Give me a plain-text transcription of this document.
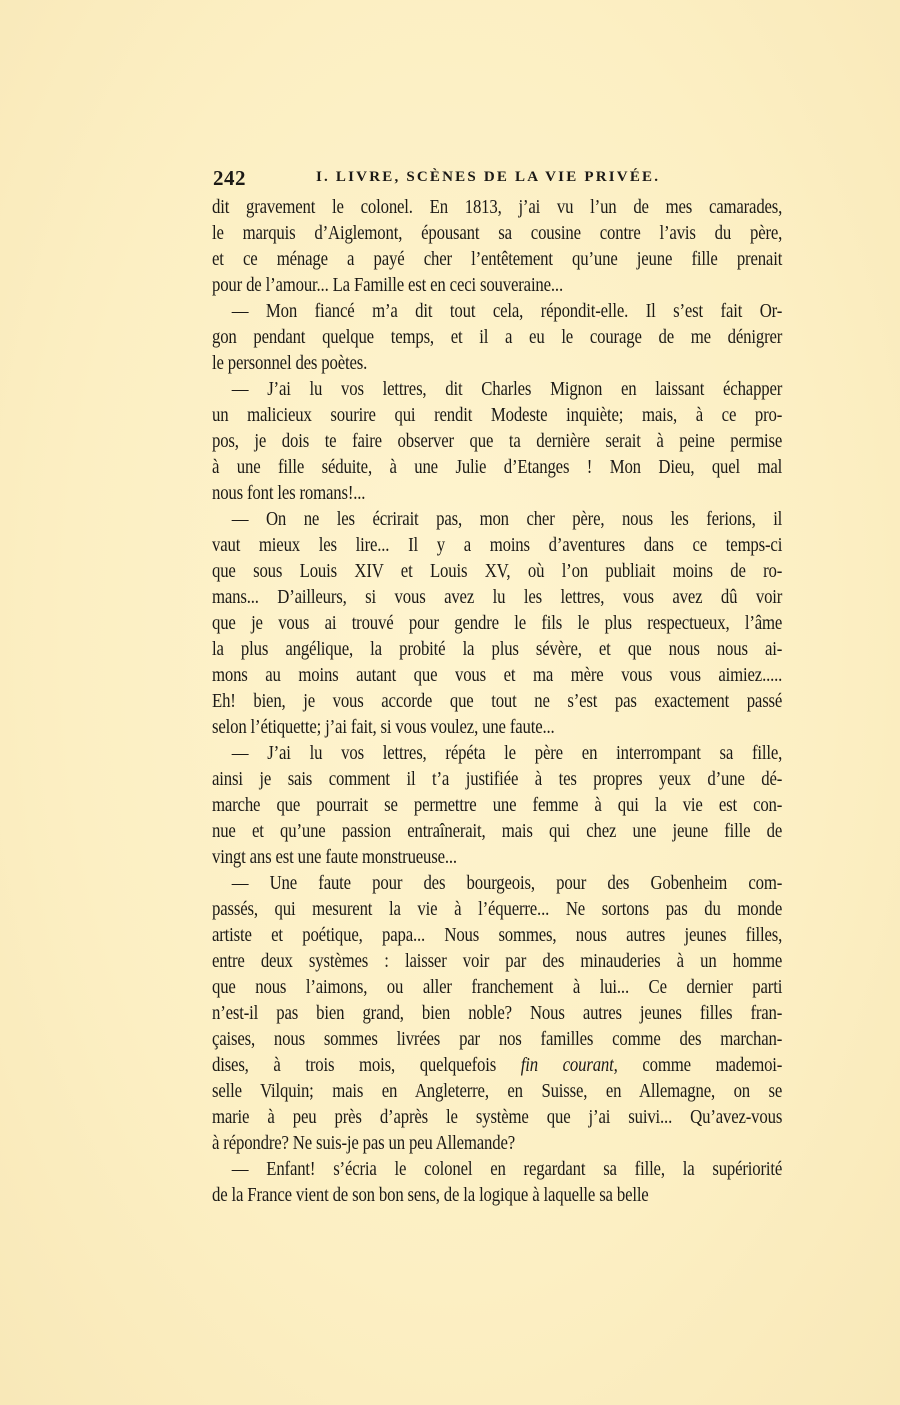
242	I. LIVRE, SCÈNES DE LA VIE PRIVÉE.
dit gravement le colonel. En 1813, j’ai vu l’un de mes camarades,
le marquis d’Aiglemont, épousant sa cousine contre l’avis du père,
et ce ménage a payé cher l’entêtement qu’une jeune fille prenait
pour de l’amour... La Famille est en ceci souveraine...
— Mon fiancé m’a dit tout cela, répondit-elle. Il s’est fait Or-
gon pendant quelque temps, et il a eu le courage de me dénigrer
le personnel des poètes.
— J’ai lu vos lettres, dit Charles Mignon en laissant échapper
un malicieux sourire qui rendit Modeste inquiète; mais, à ce pro-
pos, je dois te faire observer que ta dernière serait à peine permise
à une fille séduite, à une Julie d’Etanges ! Mon Dieu, quel mal
nous font les romans!...
— On ne les écrirait pas, mon cher père, nous les ferions, il
vaut mieux les lire... Il y a moins d’aventures dans ce temps-ci
que sous Louis XIV et Louis XV, où l’on publiait moins de ro-
mans... D’ailleurs, si vous avez lu les lettres, vous avez dû voir
que je vous ai trouvé pour gendre le fils le plus respectueux, l’âme
la plus angélique, la probité la plus sévère, et que nous nous ai-
mons au moins autant que vous et ma mère vous vous aimiez.....
Eh! bien, je vous accorde que tout ne s’est pas exactement passé
selon l’étiquette; j’ai fait, si vous voulez, une faute...
— J’ai lu vos lettres, répéta le père en interrompant sa fille,
ainsi je sais comment il t’a justifiée à tes propres yeux d’une dé-
marche que pourrait se permettre une femme à qui la vie est con-
nue et qu’une passion entraînerait, mais qui chez une jeune fille de
vingt ans est une faute monstrueuse...
— Une faute pour des bourgeois, pour des Gobenheim com-
passés, qui mesurent la vie à l’équerre... Ne sortons pas du monde
artiste et poétique, papa... Nous sommes, nous autres jeunes filles,
entre deux systèmes : laisser voir par des minauderies à un homme
que nous l’aimons, ou aller franchement à lui... Ce dernier parti
n’est-il pas bien grand, bien noble? Nous autres jeunes filles fran-
çaises, nous sommes livrées par nos familles comme des marchan-
dises, à trois mois, quelquefois fin courant, comme mademoi-
selle Vilquin; mais en Angleterre, en Suisse, en Allemagne, on se
marie à peu près d’après le système que j’ai suivi... Qu’avez-vous
à répondre? Ne suis-je pas un peu Allemande?
— Enfant! s’écria le colonel en regardant sa fille, la supériorité
de la France vient de son bon sens, de la logique à laquelle sa belle
